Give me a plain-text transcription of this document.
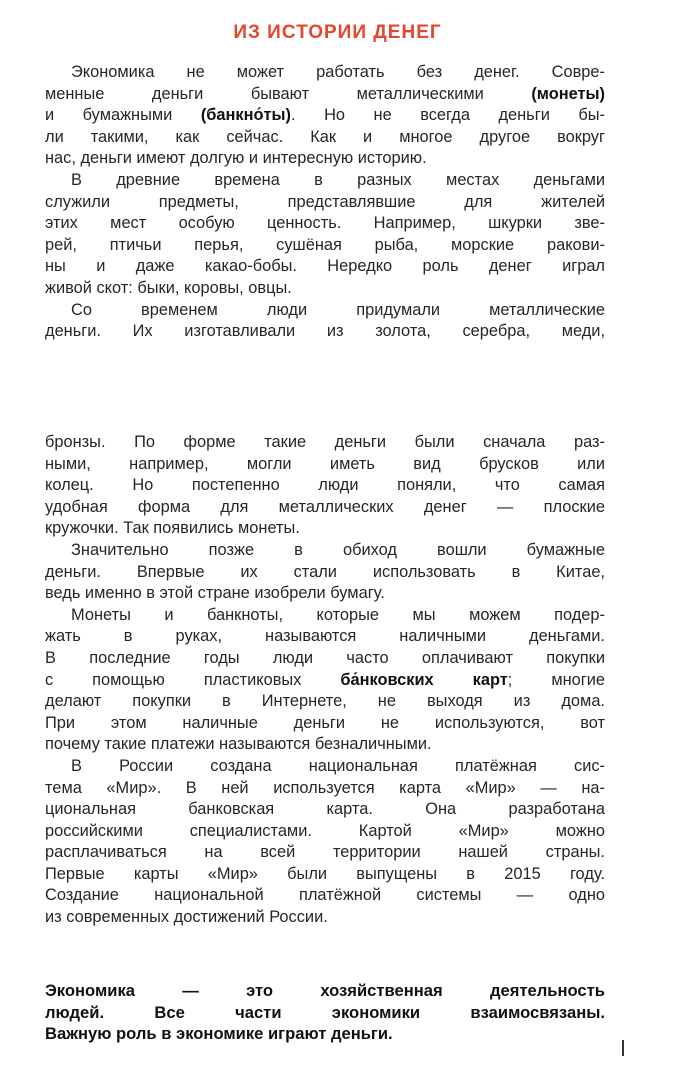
ИЗ ИСТОРИИ ДЕНЕГ
Экономика не может работать без денег. Совре-
менные деньги бывают металлическими (монеты)
и бумажными (банкно́ты). Но не всегда деньги бы-
ли такими, как сейчас. Как и многое другое вокруг
нас, деньги имеют долгую и интересную историю.
В древние времена в разных местах деньгами
служили предметы, представлявшие для жителей
этих мест особую ценность. Например, шкурки зве-
рей, птичьи перья, сушёная рыба, морские ракови-
ны и даже какао-бобы. Нередко роль денег играл
живой скот: быки, коровы, овцы.
Со временем люди придумали металлические
деньги. Их изготавливали из золота, серебра, меди,
бронзы. По форме такие деньги были сначала раз-
ными, например, могли иметь вид брусков или
колец. Но постепенно люди поняли, что самая
удобная форма для металлических денег — плоские
кружочки. Так появились монеты.
Значительно позже в обиход вошли бумажные
деньги. Впервые их стали использовать в Китае,
ведь именно в этой стране изобрели бумагу.
Монеты и банкноты, которые мы можем подер-
жать в руках, называются наличными деньгами.
В последние годы люди часто оплачивают покупки
с помощью пластиковых ба́нковских карт; многие
делают покупки в Интернете, не выходя из дома.
При этом наличные деньги не используются, вот
почему такие платежи называются безналичными.
В России создана национальная платёжная сис-
тема «Мир». В ней используется карта «Мир» — на-
циональная банковская карта. Она разработана
российскими специалистами. Картой «Мир» можно
расплачиваться на всей территории нашей страны.
Первые карты «Мир» были выпущены в 2015 году.
Создание национальной платёжной системы — одно
из современных достижений России.
Экономика — это хозяйственная деятельность
людей. Все части экономики взаимосвязаны.
Важную роль в экономике играют деньги.
